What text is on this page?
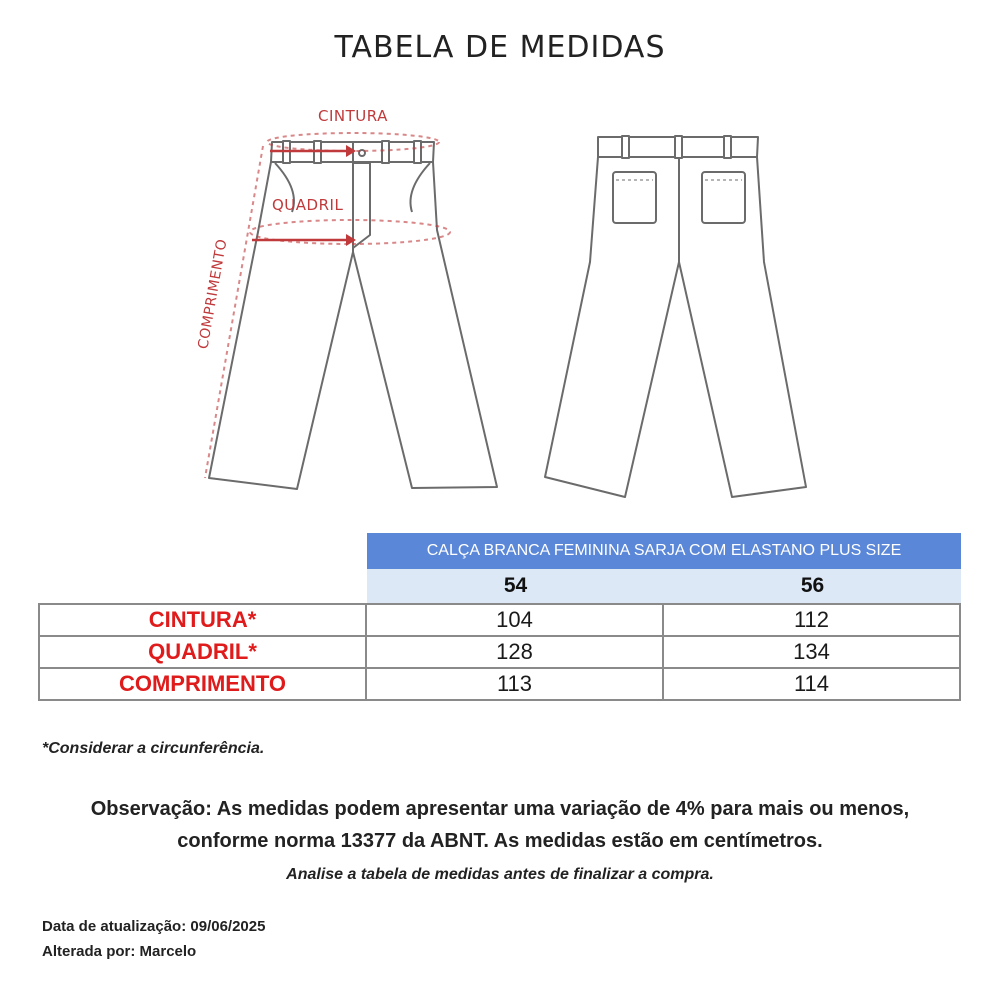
TABELA DE MEDIDAS
CINTURA
QUADRIL
COMPRIMENTO
CALÇA BRANCA FEMININA SARJA COM ELASTANO PLUS SIZE
54	56
CINTURA*	104	112
QUADRIL*	128	134
COMPRIMENTO	113	114
*Considerar a circunferência.
Observação: As medidas podem apresentar uma variação de 4% para mais ou menos,
conforme norma 13377 da ABNT. As medidas estão em centímetros.
Analise a tabela de medidas antes de finalizar a compra.
Data de atualização: 09/06/2025
Alterada por: Marcelo
